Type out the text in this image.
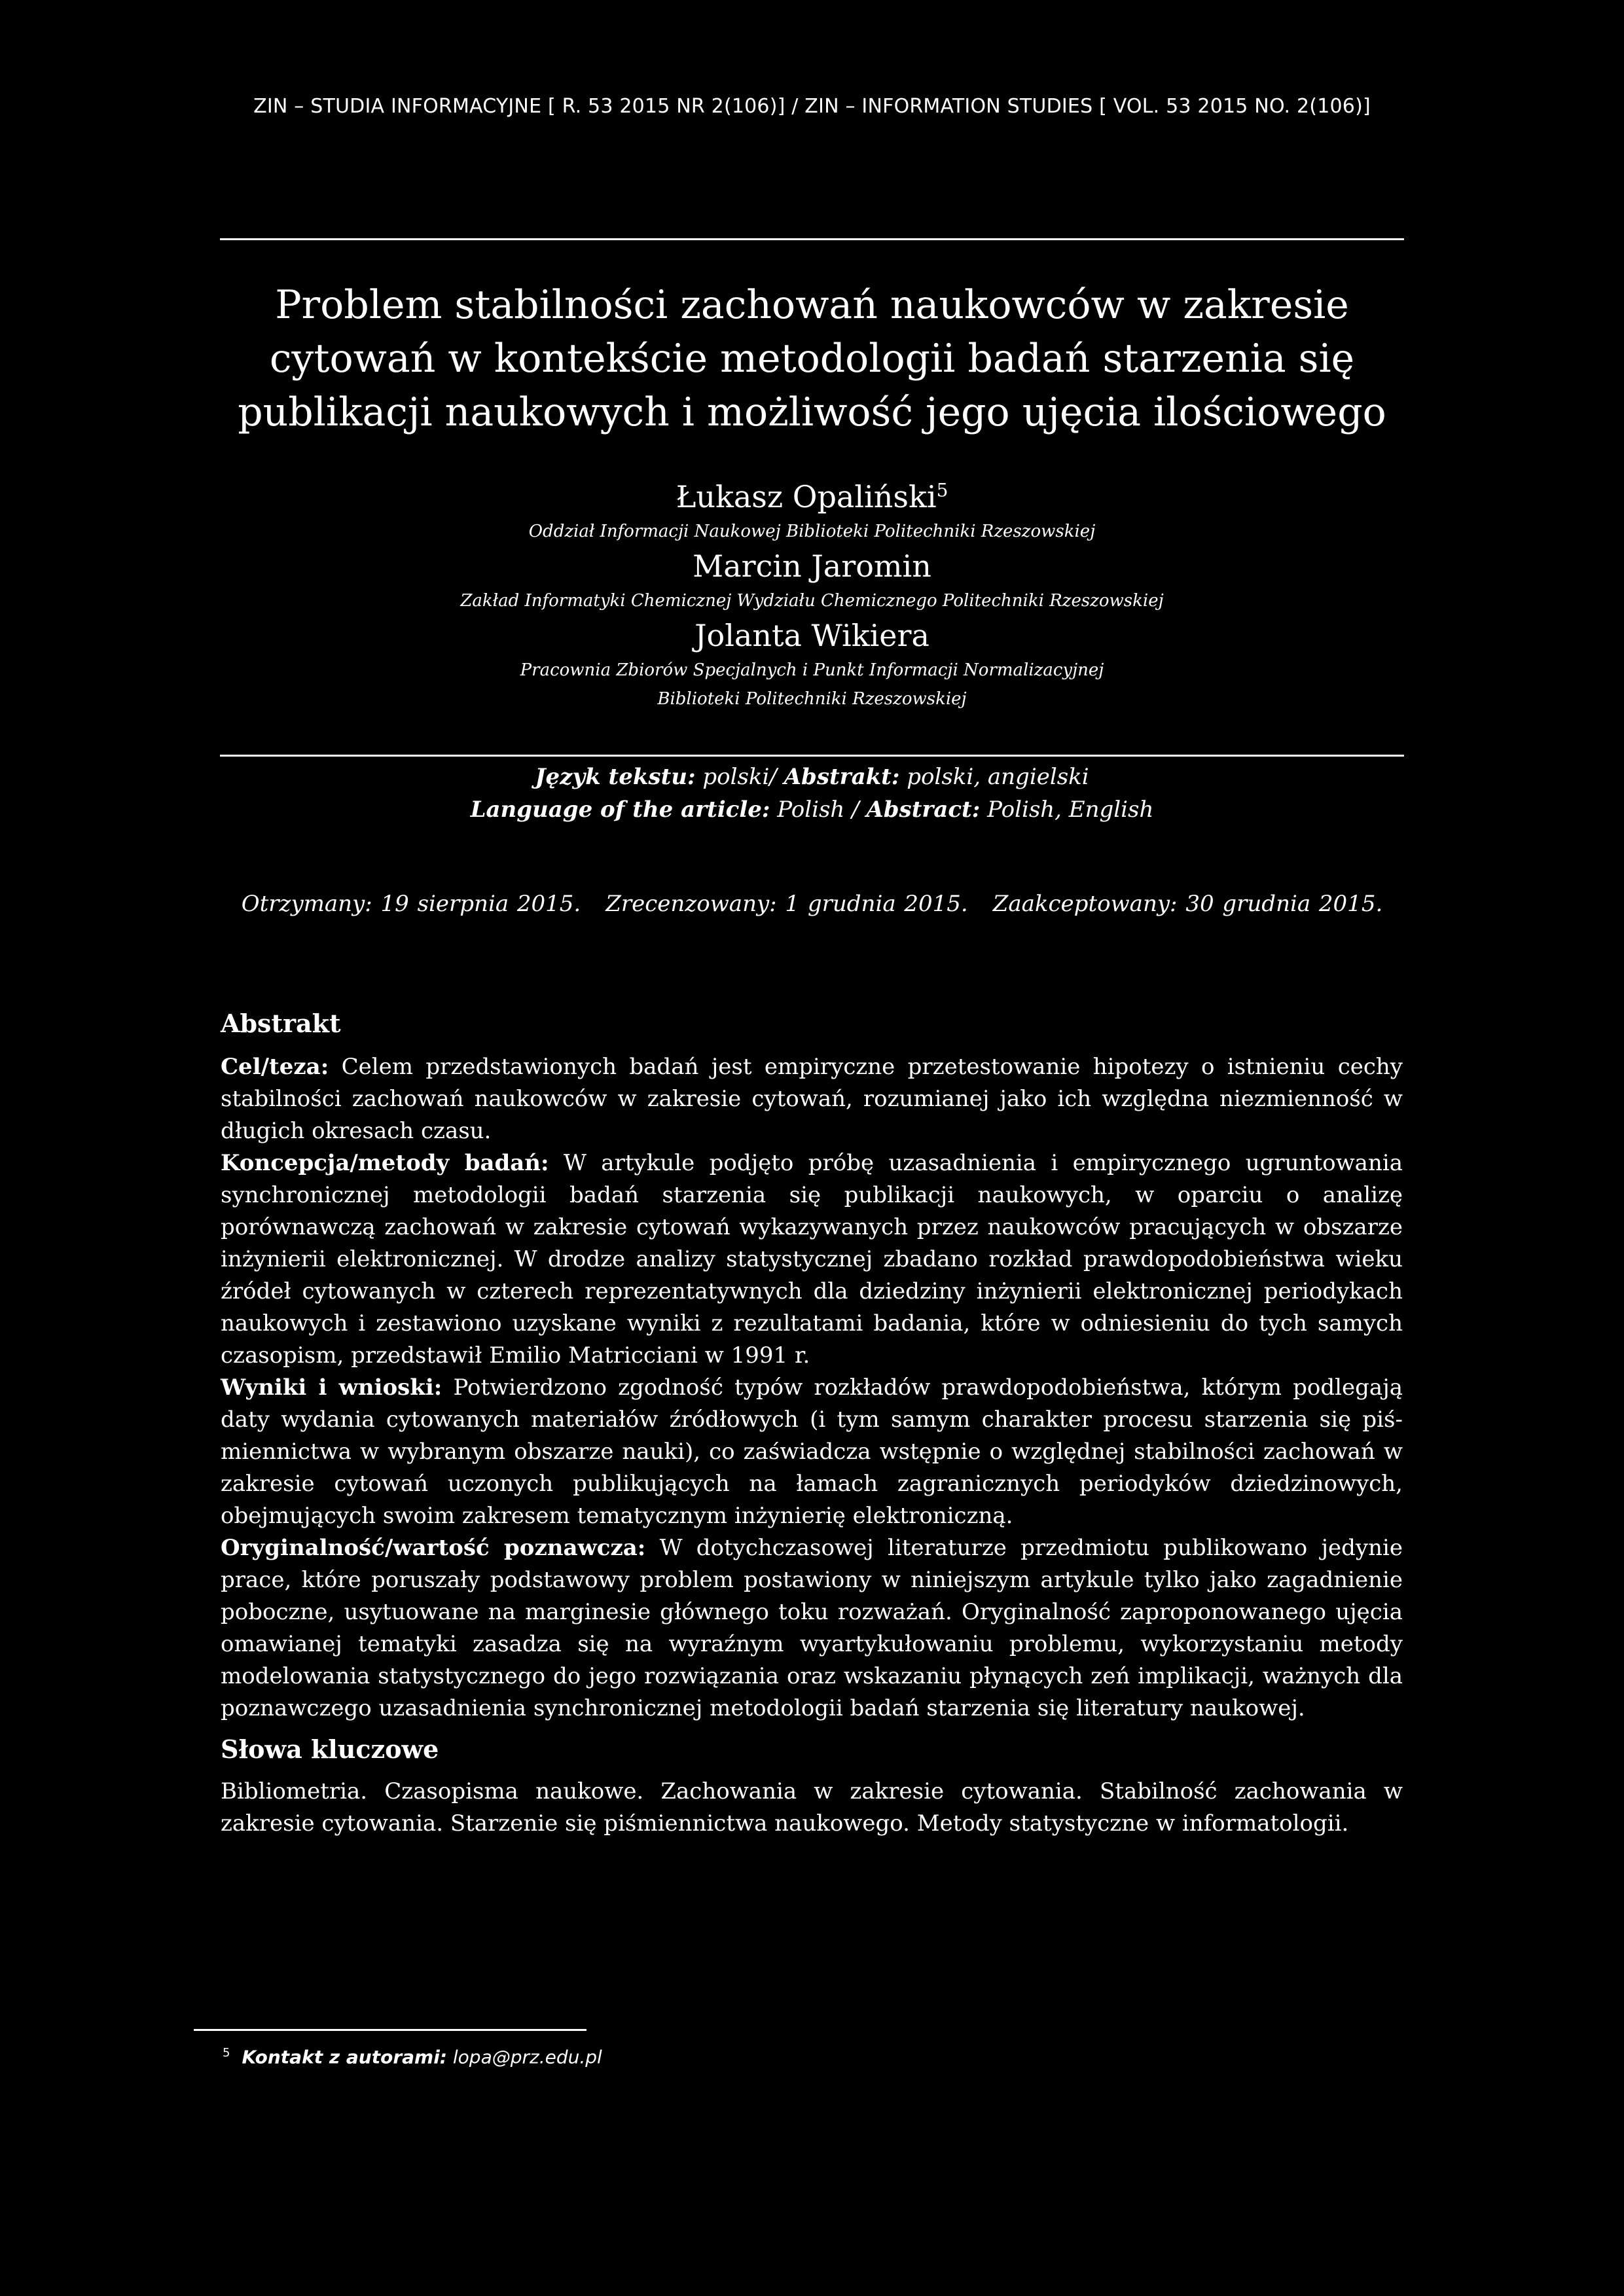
ZIN – STUDIA INFORMACYJNE [ R. 53 2015 NR 2(106)] / ZIN – INFORMATION STUDIES [ VOL. 53 2015 NO. 2(106)]
Problem stabilności zachowań naukowców w zakresie
cytowań w kontekście metodologii badań starzenia się
publikacji naukowych i możliwość jego ujęcia ilościowego
Łukasz Opaliński$^5$
Oddział Informacji Naukowej Biblioteki Politechniki Rzeszowskiej
Marcin Jaromin
Zakład Informatyki Chemicznej Wydziału Chemicznego Politechniki Rzeszowskiej
Jolanta Wikiera
Pracownia Zbiorów Specjalnych i Punkt Informacji Normalizacyjnej
Biblioteki Politechniki Rzeszowskiej
Język tekstu: polski/ Abstrakt: polski, angielski
Language of the article: Polish / Abstract: Polish, English
Otrzymany: 19 sierpnia 2015. Zrecenzowany: 1 grudnia 2015. Zaakceptowany: 30 grudnia 2015.
Abstrakt

Cel/teza: Celem przedstawionych badań jest empiryczne przetestowanie hipotezy o istnieniu cechy stabilności zachowań naukowców w zakresie cytowań, rozumianej jako ich względna niezmienność w długich okresach czasu.

Koncepcja/metody badań: W artykule podjęto próbę uzasadnienia i empirycznego ugruntowania synchronicznej metodologii badań starzenia się publikacji naukowych, w oparciu o analizę porównawczą zachowań w zakresie cytowań wykazywanych przez naukowców pracujących w obszarze inżynierii elektronicznej. W drodze analizy statystycznej zbadano rozkład prawdopodobieństwa wieku źródeł cytowanych w czterech reprezentatywnych dla dziedziny inżynierii elektronicznej periodykach naukowych i zestawiono uzyskane wyniki z rezultatami badania, które w odniesieniu do tych samych czasopism, przedstawił Emilio Matricciani w 1991 r.

Wyniki i wnioski: Potwierdzono zgodność typów rozkładów prawdopodobieństwa, którym podlegają daty wydania cytowanych materiałów źródłowych (i tym samym charakter procesu starzenia się piś-miennictwa w wybranym obszarze nauki), co zaświadcza wstępnie o względnej stabilności zachowań w zakresie cytowań uczonych publikujących na łamach zagranicznych periodyków dziedzinowych, obejmujących swoim zakresem tematycznym inżynierię elektroniczną.

Oryginalność/wartość poznawcza: W dotychczasowej literaturze przedmiotu publikowano jedynie prace, które poruszały podstawowy problem postawiony w niniejszym artykule tylko jako zagadnienie poboczne, usytuowane na marginesie głównego toku rozważań. Oryginalność zaproponowanego ujęcia omawianej tematyki zasadza się na wyraźnym wyartykułowaniu problemu, wykorzystaniu metody modelowania statystycznego do jego rozwiązania oraz wskazaniu płynących zeń implikacji, ważnych dla poznawczego uzasadnienia synchronicznej metodologii badań starzenia się literatury naukowej.

Słowa kluczowe

Bibliometria. Czasopisma naukowe. Zachowania w zakresie cytowania. Stabilność zachowania w zakresie cytowania. Starzenie się piśmiennictwa naukowego. Metody statystyczne w informatologii.

$^5$ Kontakt z autorami: lopa@prz.edu.pl
